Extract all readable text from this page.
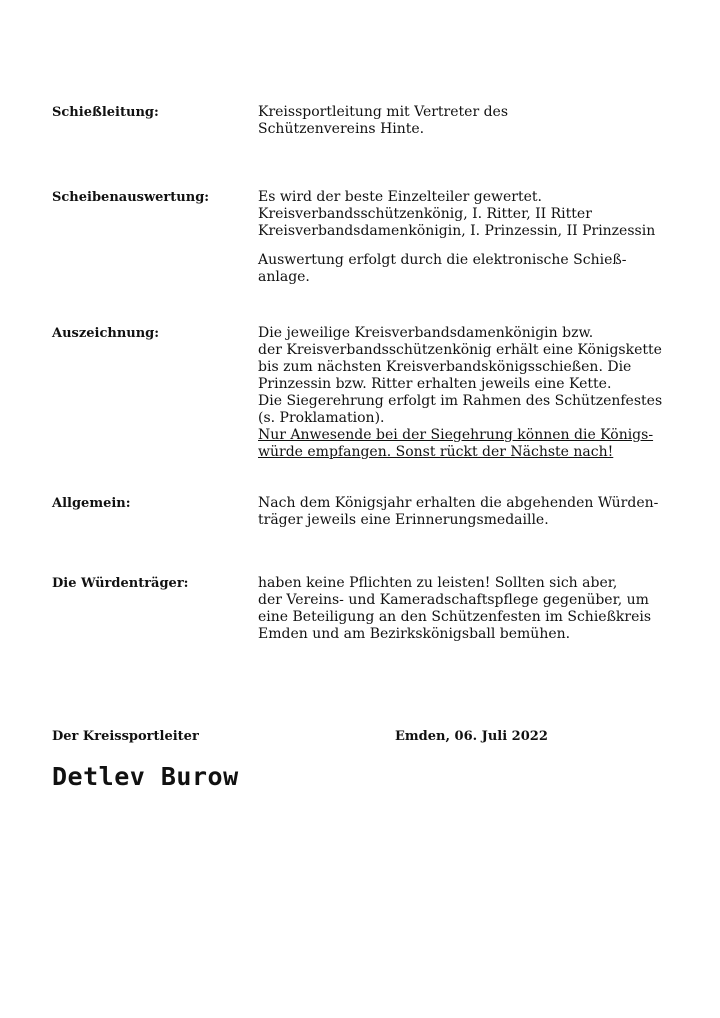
Schießleitung:	Kreissportleitung mit Vertreter des
Schützenvereins Hinte.
Scheibenauswertung:	Es wird der beste Einzelteiler gewertet.
Kreisverbandsschützenkönig, I. Ritter, II Ritter
Kreisverbandsdamenkönigin, I. Prinzessin, II Prinzessin
Auswertung erfolgt durch die elektronische Schieß-
anlage.
Auszeichnung:	Die jeweilige Kreisverbandsdamenkönigin bzw.
der Kreisverbandsschützenkönig erhält eine Königskette
bis zum nächsten Kreisverbandskönigsschießen. Die
Prinzessin bzw. Ritter erhalten jeweils eine Kette.
Die Siegerehrung erfolgt im Rahmen des Schützenfestes
(s. Proklamation).
Nur Anwesende bei der Siegehrung können die Königs-
würde empfangen. Sonst rückt der Nächste nach!
Allgemein:	Nach dem Königsjahr erhalten die abgehenden Würden-
träger jeweils eine Erinnerungsmedaille.
Die Würdenträger:	haben keine Pflichten zu leisten! Sollten sich aber,
der Vereins- und Kameradschaftspflege gegenüber, um
eine Beteiligung an den Schützenfesten im Schießkreis
Emden und am Bezirkskönigsball bemühen.
Der Kreissportleiter	Emden, 06. Juli 2022
Detlev Burow
